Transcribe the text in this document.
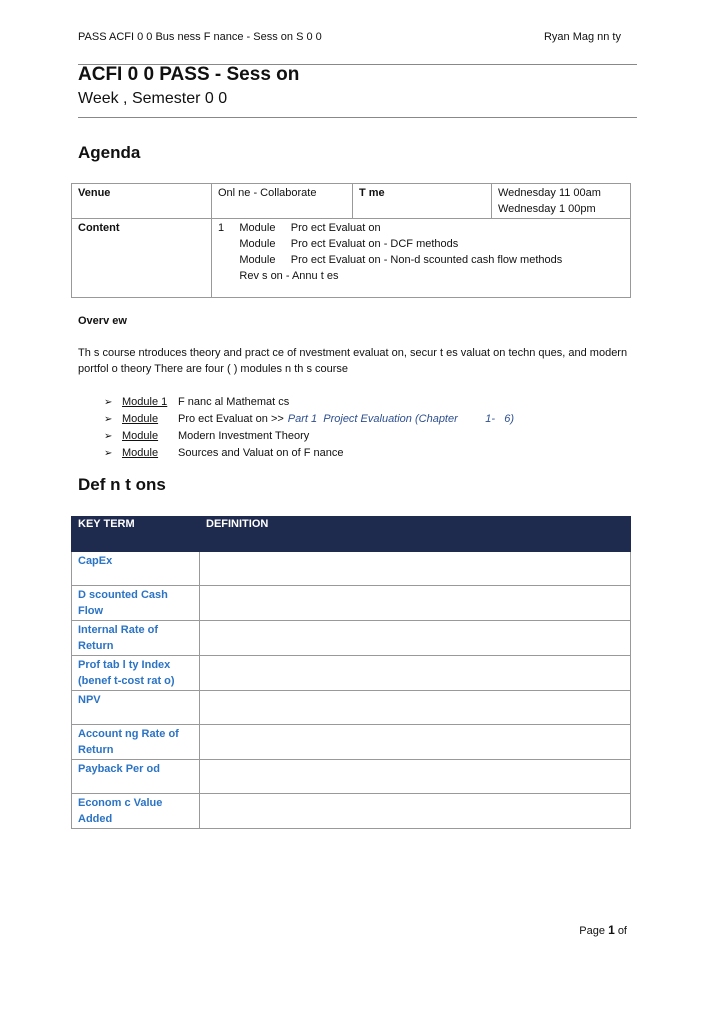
PASS ACFI 0 0 Bus ness F nance - Sess on S 0 0	Ryan Mag nn ty
ACFI 0 0 PASS - Sess on
Week , Semester 0 0
Agenda
Venue	Onl ne - Collaborate	T me	Wednesday 11 00am
Wednesday 1 00pm

Content	1     Module     Pro ect Evaluat on
Module     Pro ect Evaluat on - DCF methods
Module     Pro ect Evaluat on - Non-d scounted cash flow methods
Rev s on - Annu t es		
Overv ew
Th s course ntroduces theory and pract ce of nvestment evaluat on, secur t es valuat on techn ques, and modern portfol o theory There are four ( ) modules n th s course
➢ Module 1 F nanc al Mathemat cs
➢ Module	Pro ect Evaluat on >> Part 1  Project Evaluation (Chapter         1-   6)
➢ Module	Modern Investment Theory
➢ Module	Sources and Valuat on of F nance
Def n t ons
KEY TERM	DEFINITION
CapEx	
D scounted Cash Flow	
Internal Rate of Return	
Prof tab l ty Index (benef t-cost rat o)	
NPV	
Account ng Rate of Return	
Payback Per od	
Econom c Value Added	
Page 1 of
